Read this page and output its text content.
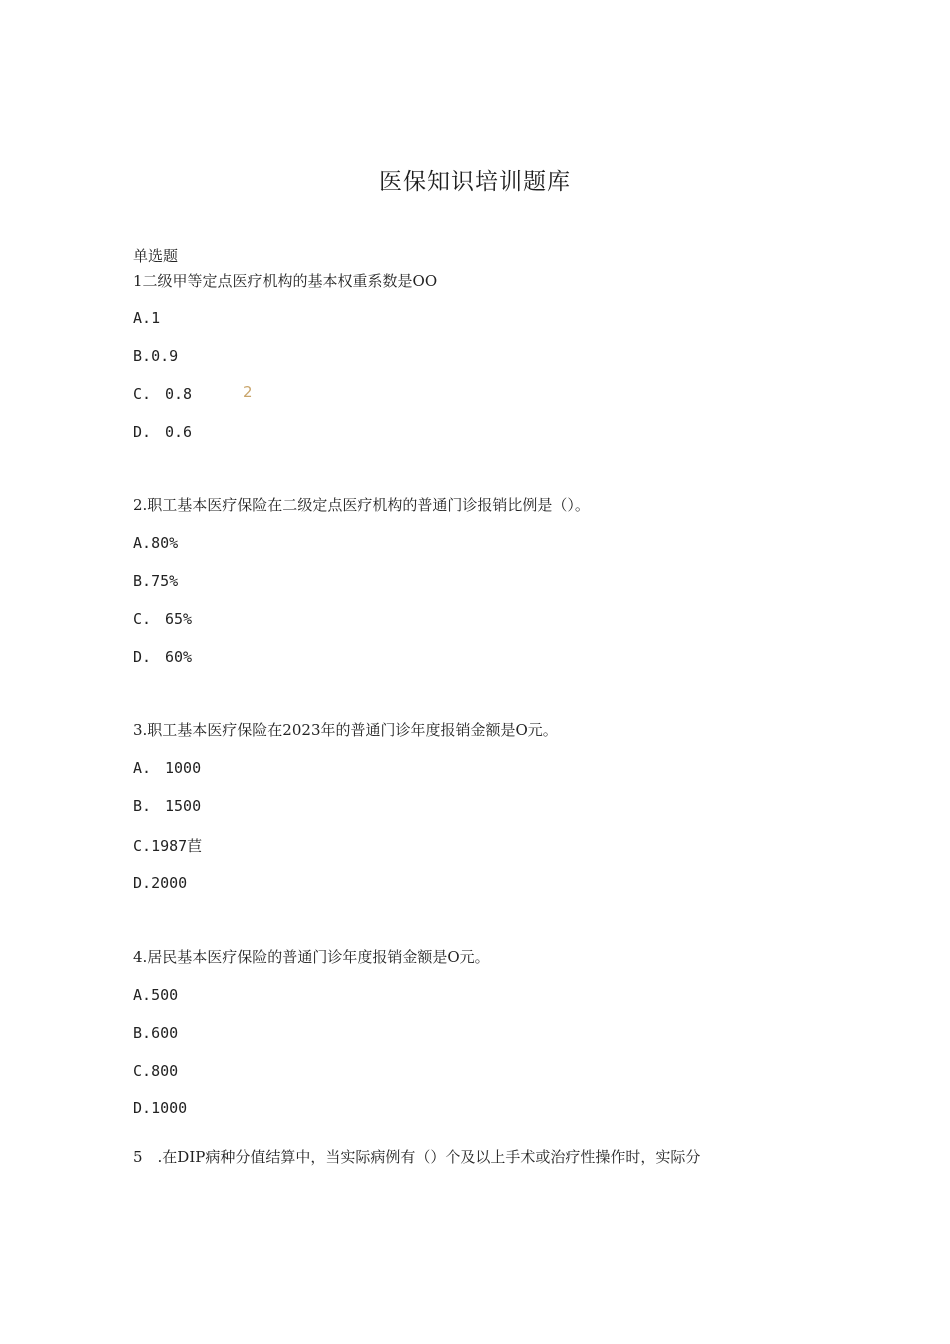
医保知识培训题库
单选题
1二级甲等定点医疗机构的基本权重系数是OO
A.1
B.0.9
C. 0.8	2
D. 0.6
2.职工基本医疗保险在二级定点医疗机构的普通门诊报销比例是（）。
A.80%
B.75%
C. 65%
D. 60%
3.职工基本医疗保险在2023年的普通门诊年度报销金额是O元。
A. 1000
B. 1500
C.1987苣
D.2000
4.居民基本医疗保险的普通门诊年度报销金额是O元。
A.500
B.600
C.800
D.1000
5　.在DIP病种分值结算中，当实际病例有（）个及以上手术或治疗性操作时，实际分
